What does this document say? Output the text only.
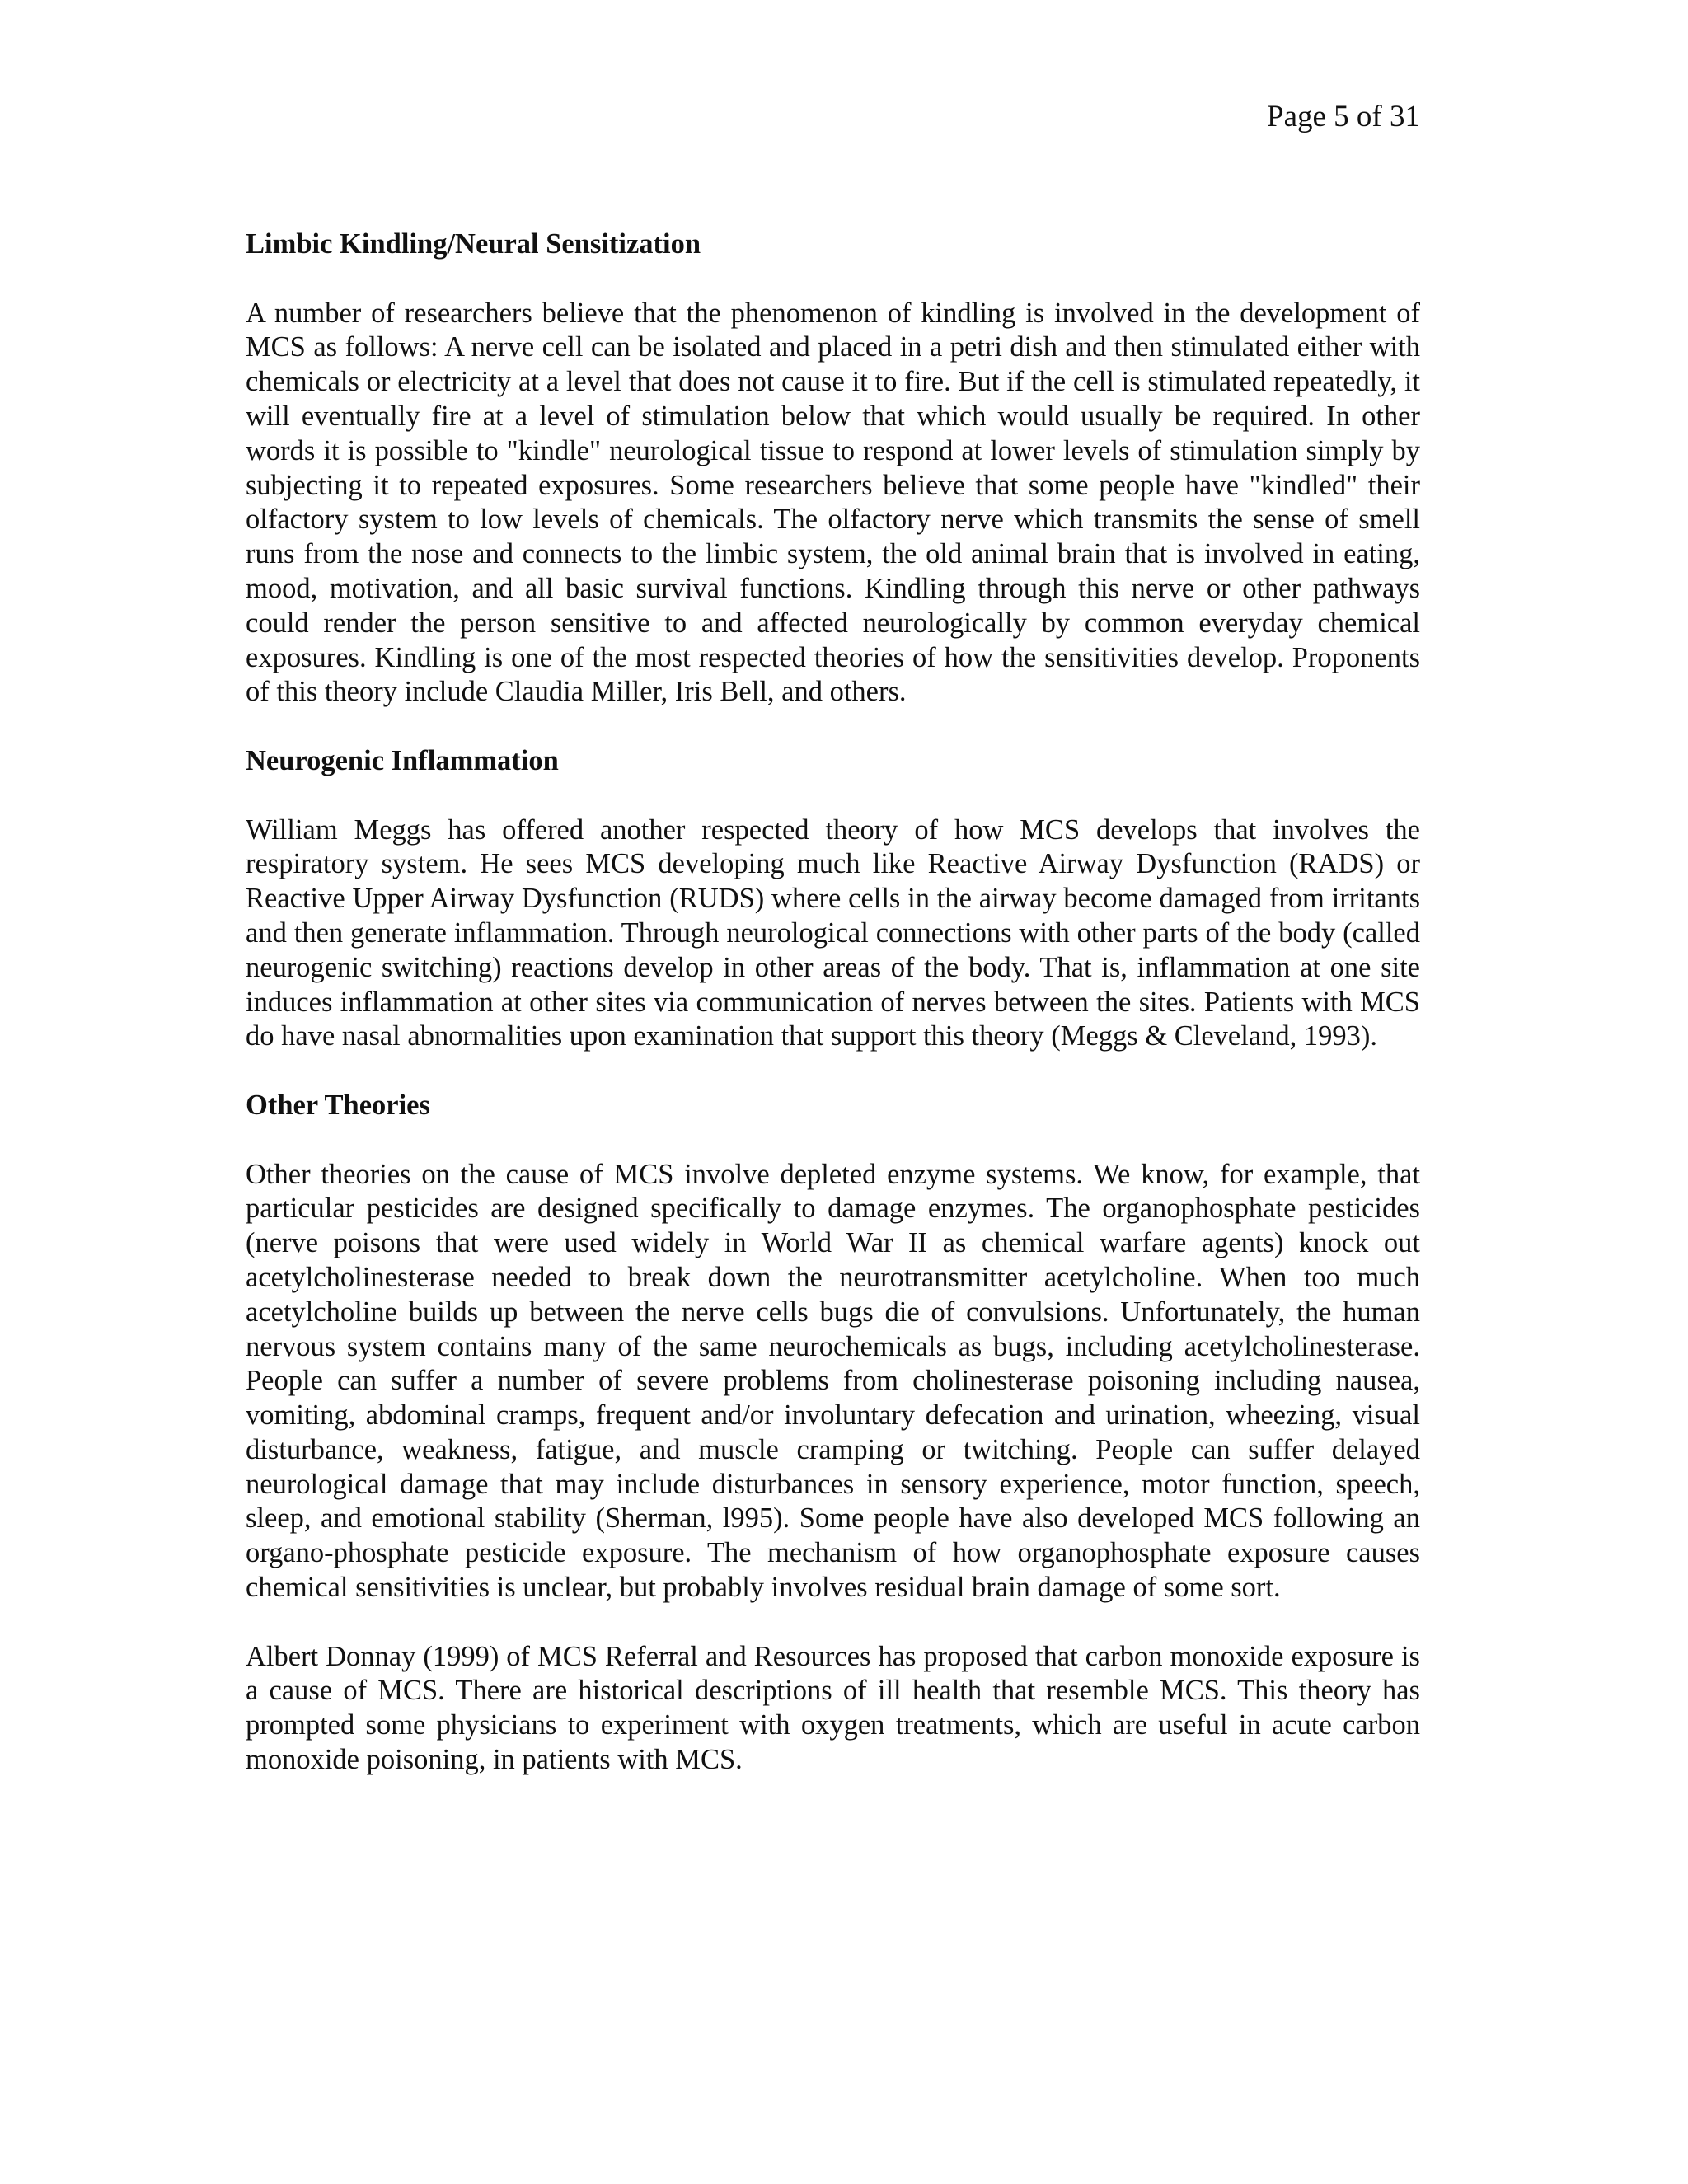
Page 5 of 31
Limbic Kindling/Neural Sensitization

A number of researchers believe that the phenomenon of kindling is involved in the development of MCS as follows: A nerve cell can be isolated and placed in a petri dish and then stimulated either with chemicals or electricity at a level that does not cause it to fire. But if the cell is stimulated repeatedly, it will eventually fire at a level of stimulation below that which would usually be required. In other words it is possible to "kindle" neurological tissue to respond at lower levels of stimulation simply by subjecting it to repeated exposures. Some researchers believe that some people have "kindled" their olfactory system to low levels of chemicals. The olfactory nerve which transmits the sense of smell runs from the nose and connects to the limbic system, the old animal brain that is involved in eating, mood, motivation, and all basic survival functions. Kindling through this nerve or other pathways could render the person sensitive to and affected neurologically by common everyday chemical exposures. Kindling is one of the most respected theories of how the sensitivities develop. Proponents of this theory include Claudia Miller, Iris Bell, and others.

Neurogenic Inflammation

William Meggs has offered another respected theory of how MCS develops that involves the respiratory system. He sees MCS developing much like Reactive Airway Dysfunction (RADS) or Reactive Upper Airway Dysfunction (RUDS) where cells in the airway become damaged from irritants and then generate inflammation. Through neurological connections with other parts of the body (called neurogenic switching) reactions develop in other areas of the body. That is, inflammation at one site induces inflammation at other sites via communication of nerves between the sites. Patients with MCS do have nasal abnormalities upon examination that support this theory (Meggs & Cleveland, 1993).

Other Theories

Other theories on the cause of MCS involve depleted enzyme systems. We know, for example, that particular pesticides are designed specifically to damage enzymes. The organophosphate pesticides (nerve poisons that were used widely in World War II as chemical warfare agents) knock out acetylcholinesterase needed to break down the neurotransmitter acetylcholine. When too much acetylcholine builds up between the nerve cells bugs die of convulsions. Unfortunately, the human nervous system contains many of the same neurochemicals as bugs, including acetylcholinesterase. People can suffer a number of severe problems from cholinesterase poisoning including nausea, vomiting, abdominal cramps, frequent and/or involuntary defecation and urination, wheezing, visual disturbance, weakness, fatigue, and muscle cramping or twitching. People can suffer delayed neurological damage that may include disturbances in sensory experience, motor function, speech, sleep, and emotional stability (Sherman, l995). Some people have also developed MCS following an organo-phosphate pesticide exposure. The mechanism of how organophosphate exposure causes chemical sensitivities is unclear, but probably involves residual brain damage of some sort.

Albert Donnay (1999) of MCS Referral and Resources has proposed that carbon monoxide exposure is a cause of MCS. There are historical descriptions of ill health that resemble MCS. This theory has prompted some physicians to experiment with oxygen treatments, which are useful in acute carbon monoxide poisoning, in patients with MCS.
